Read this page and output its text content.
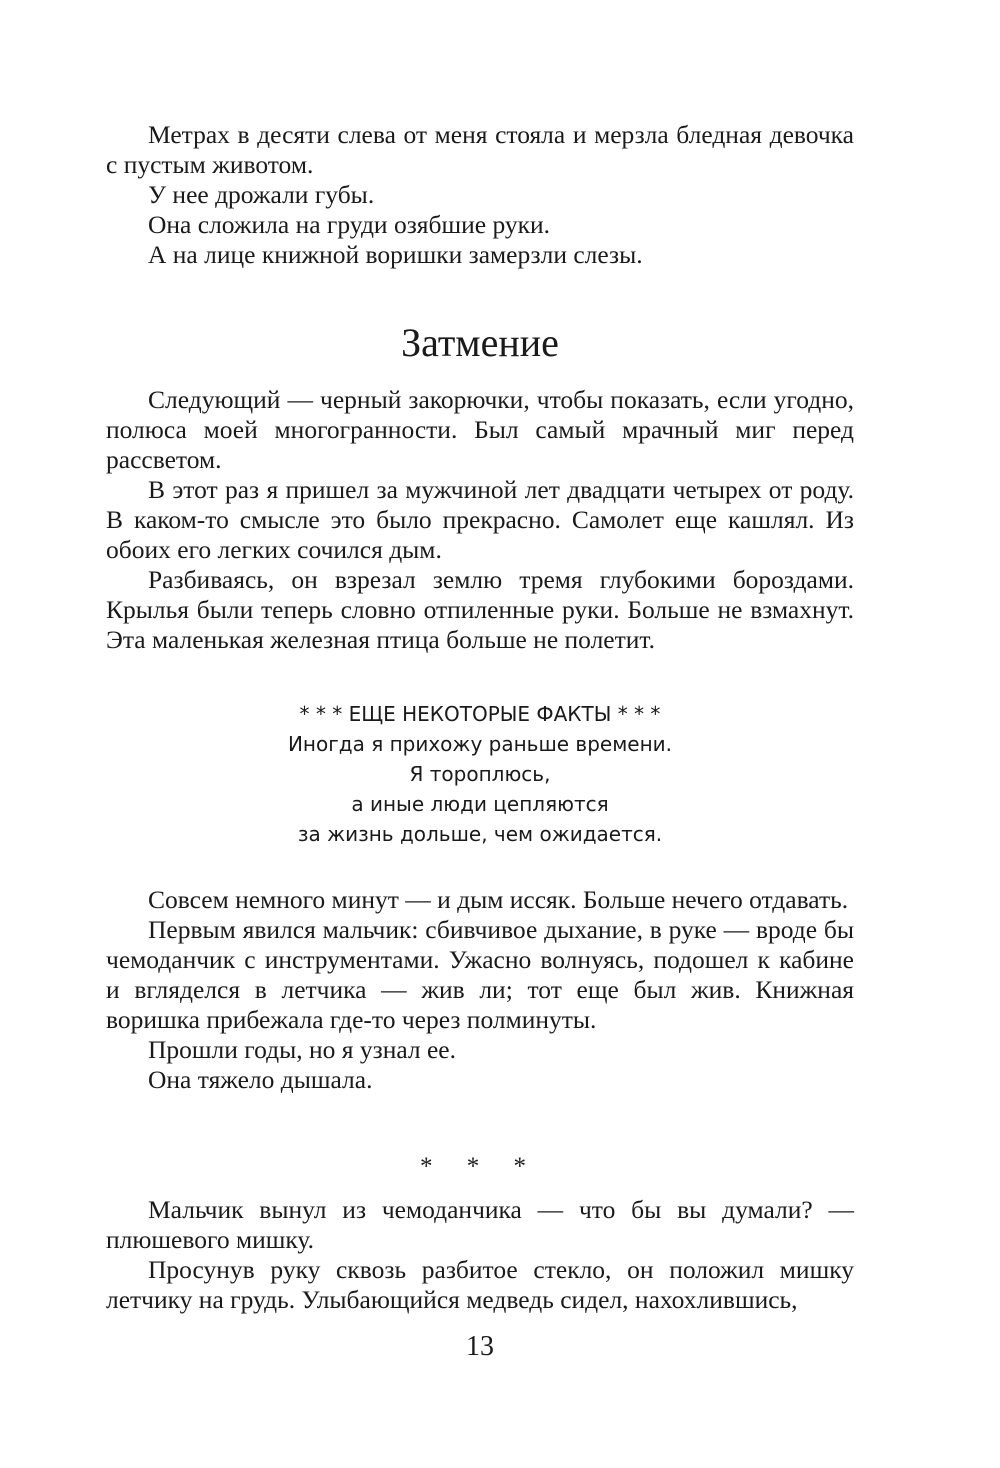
Метрах в десяти слева от меня стояла и мерзла бледная девочка с пустым животом.

У нее дрожали губы.

Она сложила на груди озябшие руки.

А на лице книжной воришки замерзли слезы.

Затмение

Следующий — черный закорючки, чтобы показать, если угодно, полюса моей многогранности. Был самый мрачный миг перед рассветом.

В этот раз я пришел за мужчиной лет двадцати четырех от роду. В каком-то смысле это было прекрасно. Самолет еще кашлял. Из обоих его легких сочился дым.

Разбиваясь, он взрезал землю тремя глубокими бороздами. Крылья были теперь словно отпиленные руки. Больше не взмахнут. Эта маленькая железная птица больше не полетит.

* * * ЕЩЕ НЕКОТОРЫЕ ФАКТЫ * * *
Иногда я прихожу раньше времени.
Я тороплюсь,
а иные люди цепляются
за жизнь дольше, чем ожидается.

Совсем немного минут — и дым иссяк. Больше нечего отдавать.

Первым явился мальчик: сбивчивое дыхание, в руке — вроде бы чемоданчик с инструментами. Ужасно волнуясь, подошел к кабине и вгляделся в летчика — жив ли; тот еще был жив. Книжная воришка прибежала где-то через полминуты.

Прошли годы, но я узнал ее.

Она тяжело дышала.

* * *

Мальчик вынул из чемоданчика — что бы вы думали? — плюшевого мишку.

Просунув руку сквозь разбитое стекло, он положил мишку летчику на грудь. Улыбающийся медведь сидел, нахохлившись,

13
